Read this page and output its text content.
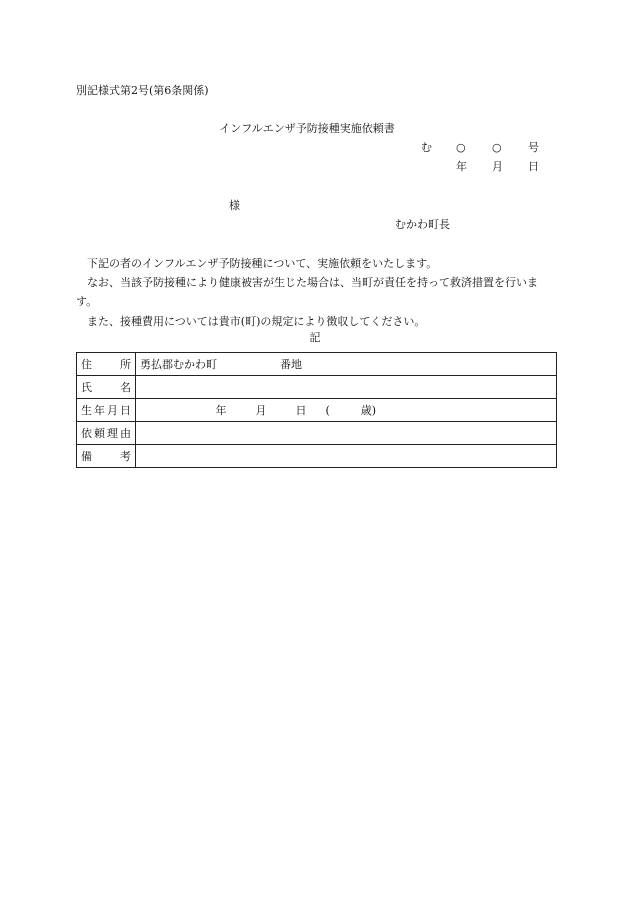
別記様式第2号(第6条関係)
インフルエンザ予防接種実施依頼書
む ○ ○ 号
年 月 日
様
むかわ町長
下記の者のインフルエンザ予防接種について、実施依頼をいたします。
なお、当該予防接種により健康被害が生じた場合は、当町が責任を持って救済措置を行います。
また、接種費用については貴市(町)の規定により徴収してください。
記
住所	勇払郡むかわ町 番地
氏名	
生年月日	年 月 日 ( 歳)
依頼理由	
備考	
